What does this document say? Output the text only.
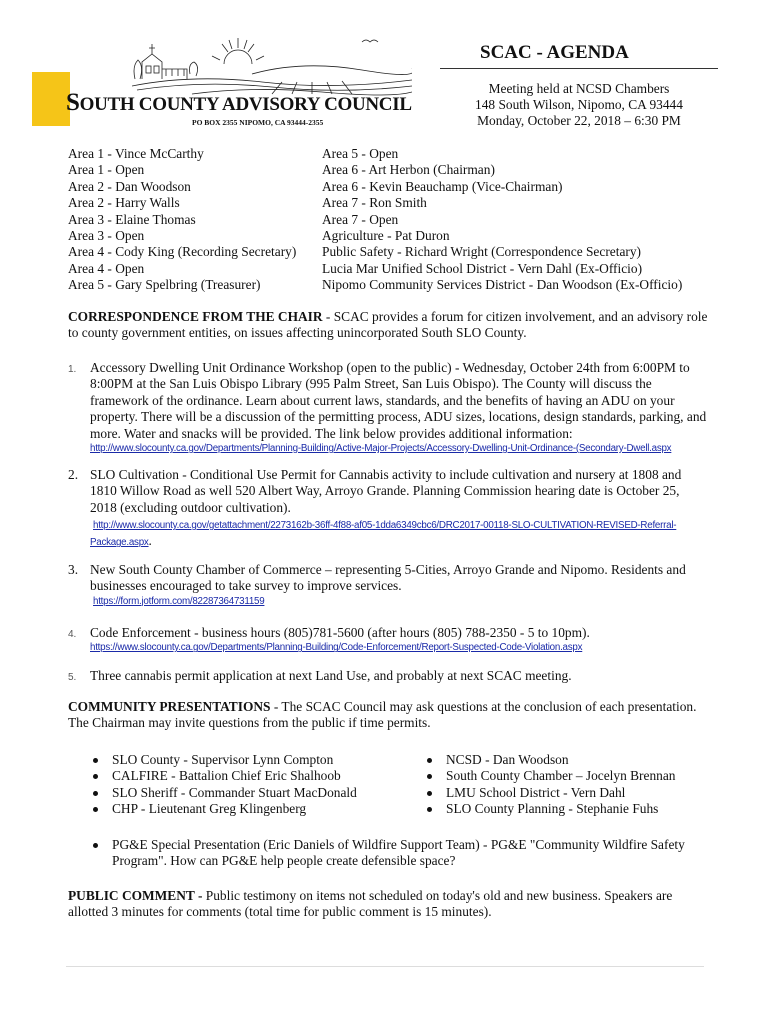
SOUTH COUNTY ADVISORY COUNCIL
PO BOX 2355 NIPOMO, CA 93444-2355
SCAC - AGENDA
Meeting held at NCSD Chambers
148 South Wilson, Nipomo, CA 93444
Monday, October 22, 2018 – 6:30 PM
Area 1 - Vince McCarthy
Area 1 - Open
Area 2 - Dan Woodson
Area 2 - Harry Walls
Area 3 - Elaine Thomas
Area 3 - Open
Area 4 - Cody King (Recording Secretary)
Area 4 - Open
Area 5 - Gary Spelbring (Treasurer)
Area 5 - Open
Area 6 - Art Herbon (Chairman)
Area 6 - Kevin Beauchamp (Vice-Chairman)
Area 7 - Ron Smith
Area 7 - Open
Agriculture - Pat Duron
Public Safety - Richard Wright (Correspondence Secretary)
Lucia Mar Unified School District - Vern Dahl (Ex-Officio)
Nipomo Community Services District - Dan Woodson (Ex-Officio)
CORRESPONDENCE FROM THE CHAIR - SCAC provides a forum for citizen involvement, and an advisory role to county government entities, on issues affecting unincorporated South SLO County.
1. Accessory Dwelling Unit Ordinance Workshop (open to the public) - Wednesday, October 24th from 6:00PM to 8:00PM at the San Luis Obispo Library (995 Palm Street, San Luis Obispo). The County will discuss the framework of the ordinance. Learn about current laws, standards, and the benefits of having an ADU on your property. There will be a discussion of the permitting process, ADU sizes, locations, design standards, parking, and more. Water and snacks will be provided. The link below provides additional information:
http://www.slocounty.ca.gov/Departments/Planning-Building/Active-Major-Projects/Accessory-Dwelling-Unit-Ordinance-(Secondary-Dwell.aspx
2. SLO Cultivation - Conditional Use Permit for Cannabis activity to include cultivation and nursery at 1808 and 1810 Willow Road as well 520 Albert Way, Arroyo Grande. Planning Commission hearing date is October 25, 2018 (excluding outdoor cultivation).
http://www.slocounty.ca.gov/getattachment/2273162b-36ff-4f88-af05-1dda6349cbc6/DRC2017-00118-SLO-CULTIVATION-REVISED-Referral-
Package.aspx.
3. New South County Chamber of Commerce – representing 5-Cities, Arroyo Grande and Nipomo. Residents and businesses encouraged to take survey to improve services.
https://form.jotform.com/82287364731159
4. Code Enforcement - business hours (805)781-5600 (after hours (805) 788-2350 - 5 to 10pm).
https://www.slocounty.ca.gov/Departments/Planning-Building/Code-Enforcement/Report-Suspected-Code-Violation.aspx
5. Three cannabis permit application at next Land Use, and probably at next SCAC meeting.
COMMUNITY PRESENTATIONS - The SCAC Council may ask questions at the conclusion of each presentation. The Chairman may invite questions from the public if time permits.
SLO County - Supervisor Lynn Compton
CALFIRE - Battalion Chief Eric Shalhoob
SLO Sheriff - Commander Stuart MacDonald
CHP - Lieutenant Greg Klingenberg
NCSD - Dan Woodson
South County Chamber – Jocelyn Brennan
LMU School District - Vern Dahl
SLO County Planning - Stephanie Fuhs
PG&E Special Presentation (Eric Daniels of Wildfire Support Team) - PG&E "Community Wildfire Safety Program". How can PG&E help people create defensible space?
PUBLIC COMMENT - Public testimony on items not scheduled on today's old and new business. Speakers are allotted 3 minutes for comments (total time for public comment is 15 minutes).
